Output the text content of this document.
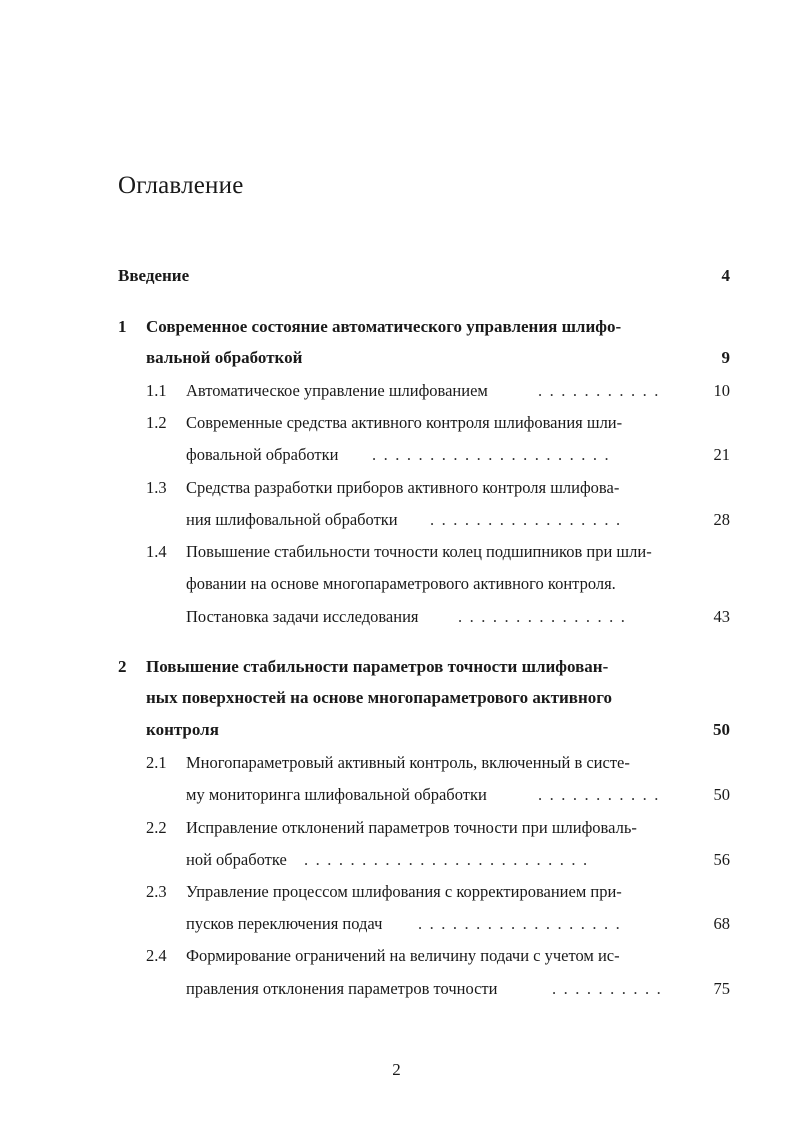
Оглавление
Введение	4
1 Современное состояние автоматического управления шлифо-
вальной обработкой	9
1.1 Автоматическое управление шлифованием	...........	10
1.2 Современные средства активного контроля шлифования шли-
фовальной обработки .....................	21
1.3 Средства разработки приборов активного контроля шлифова-
ния шлифовальной обработки .................	28
1.4 Повышение стабильности точности колец подшипников при шли-
фовании на основе многопараметрового активного контроля.
Постановка задачи исследования ...............	43
2 Повышение стабильности параметров точности шлифован-
ных поверхностей на основе многопараметрового активного
контроля	50
2.1 Многопараметровый активный контроль, включенный в систе-
му мониторинга шлифовальной обработки	...........	50
2.2 Исправление отклонений параметров точности при шлифоваль-
ной обработке .........................	56
2.3 Управление процессом шлифования с корректированием при-
пусков переключения подач ..................	68
2.4 Формирование ограничений на величину подачи с учетом ис-
правления отклонения параметров точности	..........	75
2
